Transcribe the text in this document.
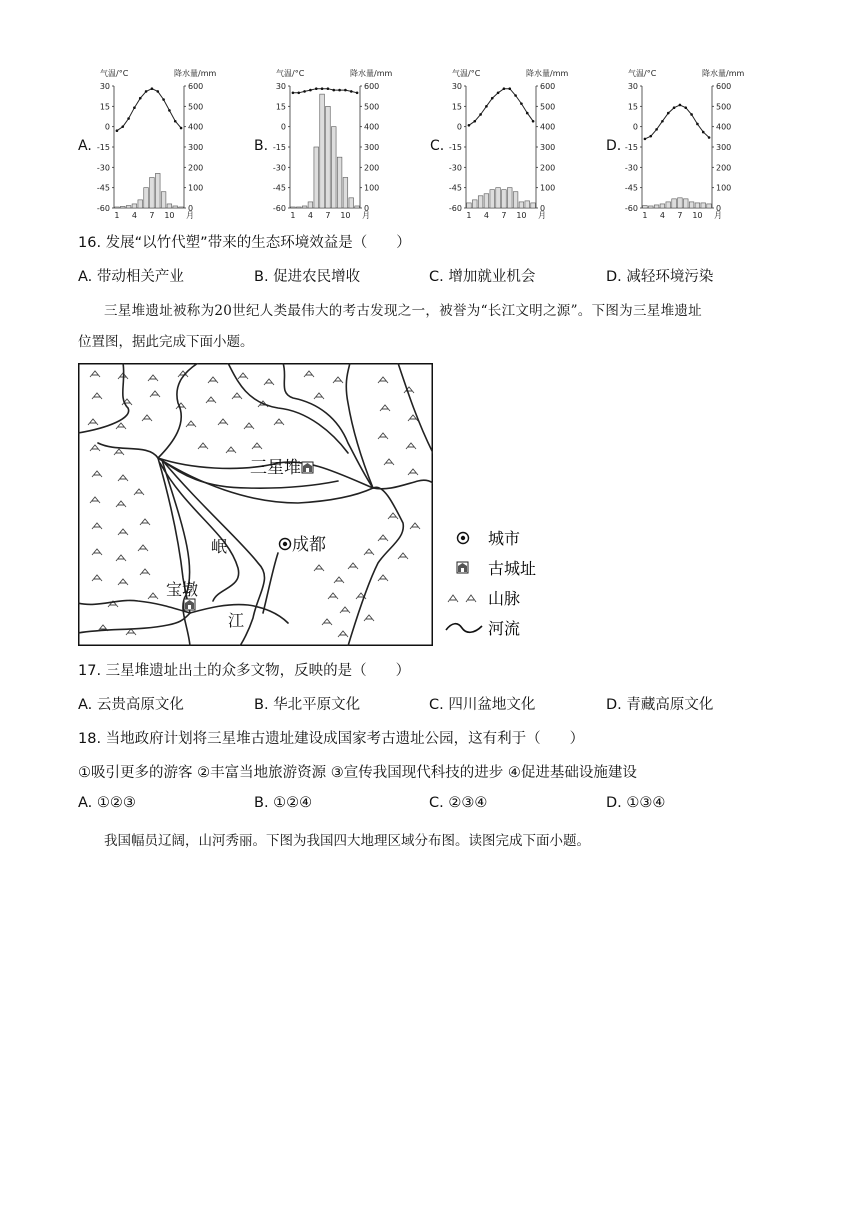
A.
气温/°C	降水量/mm
30
15
0
-15
-30
-45
-60
600
500
400
300
200
100
0
1 4 7 10 月
B.
气温/°C	降水量/mm
30
15
0
-15
-30
-45
-60
600
500
400
300
200
100
0
1 4 7 10 月
C.
气温/°C	降水量/mm
30
15
0
-15
-30
-45
-60
600
500
400
300
200
100
0
1 4 7 10 月
D.
气温/°C	降水量/mm
30
15
0
-15
-30
-45
-60
600
500
400
300
200
100
0
1 4 7 10 月
16. 发展“以竹代塑”带来的生态环境效益是（　　）
A. 带动相关产业	B. 促进农民增收	C. 增加就业机会	D. 减轻环境污染
三星堆遗址被称为20世纪人类最伟大的考古发现之一，被誉为“长江文明之源”。下图为三星堆遗址
位置图，据此完成下面小题。
三星堆
成都
岷
江
宝墩
城市
古城址
山脉
河流
17. 三星堆遗址出土的众多文物，反映的是（　　）
A. 云贵高原文化	B. 华北平原文化	C. 四川盆地文化	D. 青藏高原文化
18. 当地政府计划将三星堆古遗址建设成国家考古遗址公园，这有利于（　　）
①吸引更多的游客 ②丰富当地旅游资源 ③宣传我国现代科技的进步 ④促进基础设施建设
A. ①②③	B. ①②④	C. ②③④	D. ①③④
我国幅员辽阔，山河秀丽。下图为我国四大地理区域分布图。读图完成下面小题。
